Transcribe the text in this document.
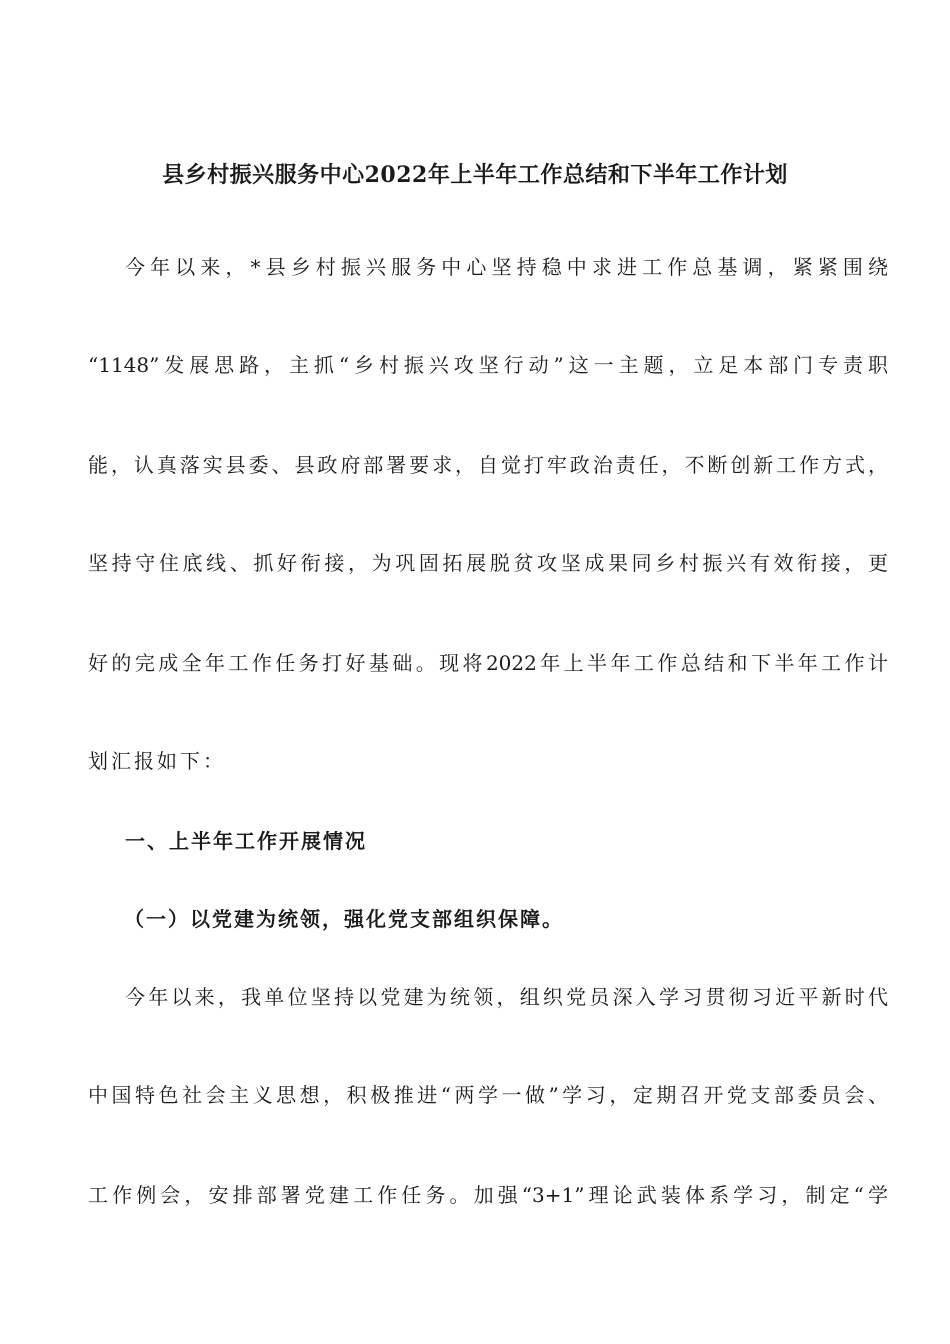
县乡村振兴服务中心2022年上半年工作总结和下半年工作计划
今年以来，*县乡村振兴服务中心坚持稳中求进工作总基调，紧紧围绕
“1148”发展思路，主抓“乡村振兴攻坚行动”这一主题，立足本部门专责职
能，认真落实县委、县政府部署要求，自觉打牢政治责任，不断创新工作方式，
坚持守住底线、抓好衔接，为巩固拓展脱贫攻坚成果同乡村振兴有效衔接，更
好的完成全年工作任务打好基础。现将2022年上半年工作总结和下半年工作计
划汇报如下：
一、上半年工作开展情况
（一）以党建为统领，强化党支部组织保障。
今年以来，我单位坚持以党建为统领，组织党员深入学习贯彻习近平新时代
中国特色社会主义思想，积极推进“两学一做”学习，定期召开党支部委员会、
工作例会，安排部署党建工作任务。加强“3+1”理论武装体系学习，制定“学
